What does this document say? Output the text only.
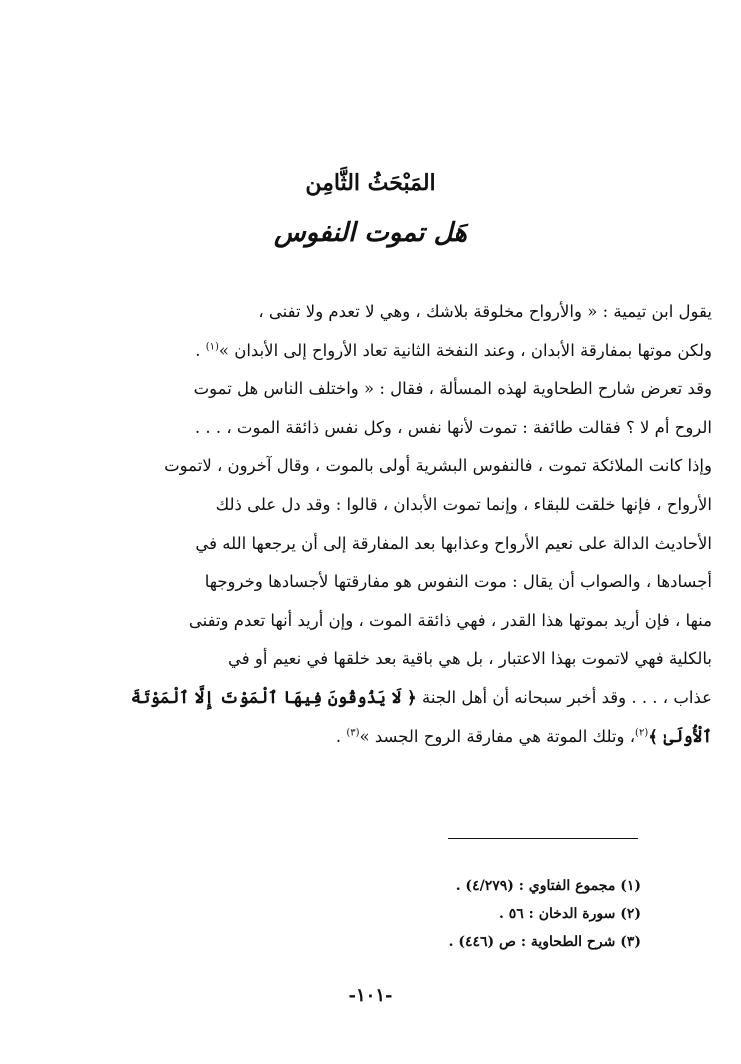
المَبْحَثُ الثَّامِن
هَل تموت النفوس

يقول ابن تيمية : « والأرواح مخلوقة بلاشك ، وهي لا تعدم ولا تفنى ،

ولكن موتها بمفارقة الأبدان ، وعند النفخة الثانية تعاد الأرواح إلى الأبدان »$^{(١)}$ .

وقد تعرض شارح الطحاوية لهذه المسألة ، فقال : « واختلف الناس هل تموت

الروح أم لا ؟ فقالت طائفة : تموت لأنها نفس ، وكل نفس ذائقة الموت ، . . .

وإذا كانت الملائكة تموت ، فالنفوس البشرية أولى بالموت ، وقال آخرون ، لاتموت

الأرواح ، فإنها خلقت للبقاء ، وإنما تموت الأبدان ، قالوا : وقد دل على ذلك

الأحاديث الدالة على نعيم الأرواح وعذابها بعد المفارقة إلى أن يرجعها الله في

أجسادها ، والصواب أن يقال : موت النفوس هو مفارقتها لأجسادها وخروجها

منها ، فإن أريد بموتها هذا القدر ، فهي ذائقة الموت ، وإن أريد أنها تعدم وتفنى

بالكلية فهي لاتموت بهذا الاعتبار ، بل هي باقية بعد خلقها في نعيم أو في

عذاب ، . . . وقد أخبر سبحانه أن أهل الجنة ﴿ لَا يَذُوقُونَ فِيهَا ٱلْمَوْتَ إِلَّا ٱلْمَوْتَةَ

ٱلْأُولَىٰ ﴾$^{(٢)}$، وتلك الموتة هي مفارقة الروح الجسد »$^{(٣)}$ .

(١) مجموع الفتاوي : (٤/٢٧٩) .
(٢) سورة الدخان : ٥٦ .
(٣) شرح الطحاوية : ص (٤٤٦) .

-١٠١-
